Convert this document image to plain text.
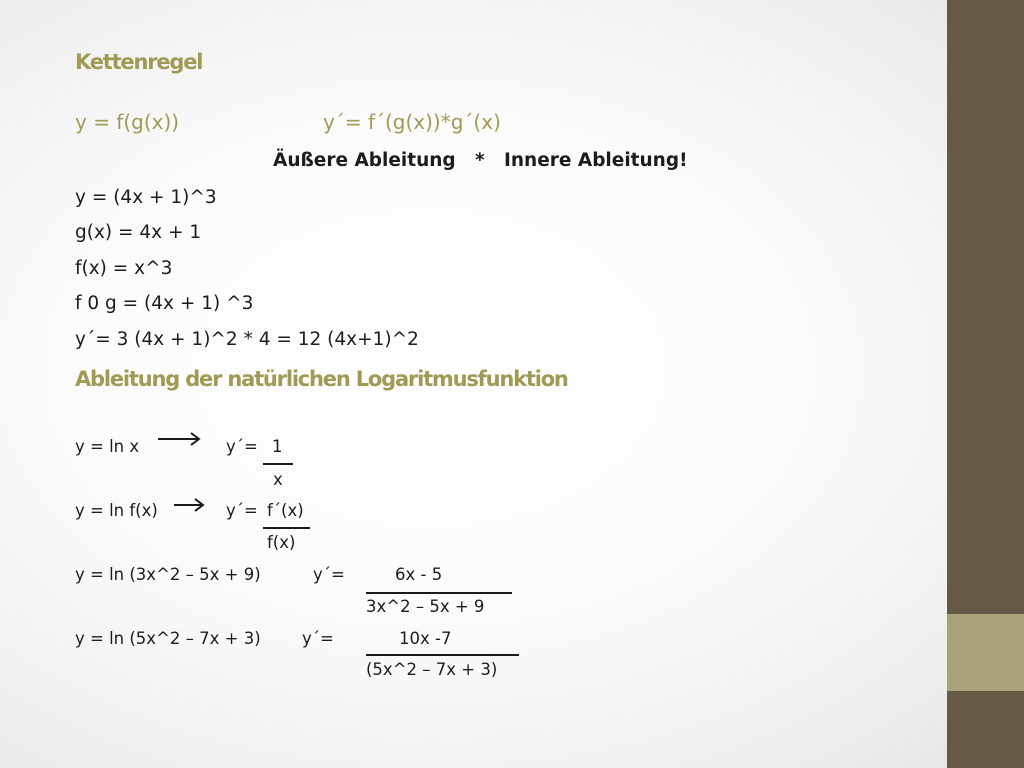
Kettenregel
y = f(g(x))	y´= f´(g(x))*g´(x)
Äußere Ableitung   *   Innere Ableitung!
y = (4x + 1)^3
g(x) = 4x + 1
f(x) = x^3
f 0 g = (4x + 1) ^3
y´= 3 (4x + 1)^2 * 4 = 12 (4x+1)^2
Ableitung der natürlichen Logaritmusfunktion
y = ln x	y´= 1
x
y = ln f(x)	y´= f´(x)
f(x)
y = ln (3x^2 – 5x + 9)	y´=	6x - 5
3x^2 – 5x + 9
y = ln (5x^2 – 7x + 3)	y´=	10x -7
(5x^2 – 7x + 3)
